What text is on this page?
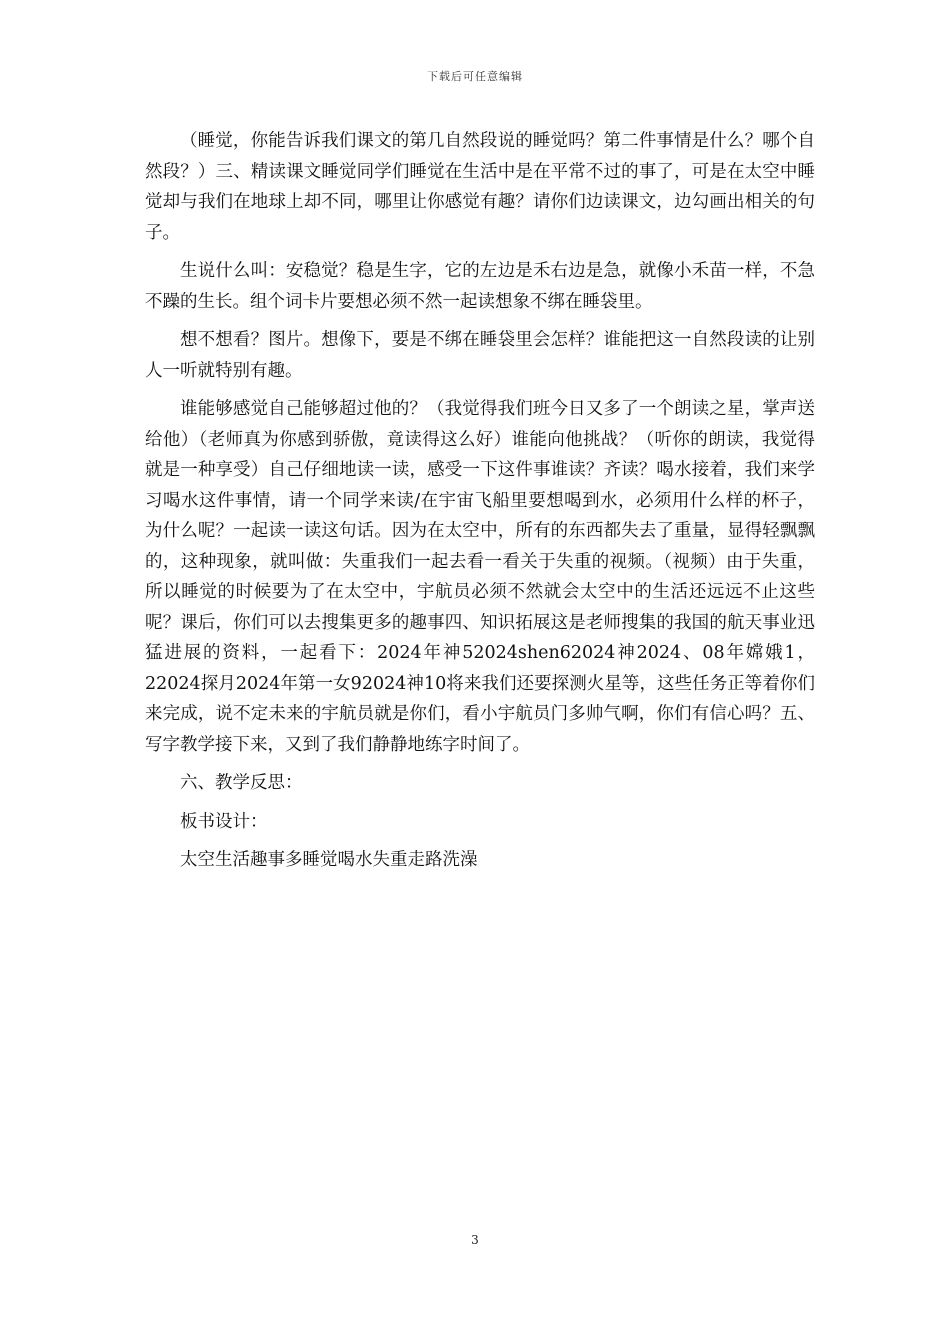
下载后可任意编辑

（睡觉，你能告诉我们课文的第几自然段说的睡觉吗？第二件事情是什么？哪个自然段？）三、精读课文睡觉同学们睡觉在生活中是在平常不过的事了，可是在太空中睡觉却与我们在地球上却不同，哪里让你感觉有趣？请你们边读课文，边勾画出相关的句子。

生说什么叫：安稳觉？稳是生字，它的左边是禾右边是急，就像小禾苗一样，不急不躁的生长。组个词卡片要想必须不然一起读想象不绑在睡袋里。

想不想看？图片。想像下，要是不绑在睡袋里会怎样？谁能把这一自然段读的让别人一听就特别有趣。

谁能够感觉自己能够超过他的？（我觉得我们班今日又多了一个朗读之星，掌声送给他）（老师真为你感到骄傲，竟读得这么好）谁能向他挑战？（听你的朗读，我觉得就是一种享受）自己仔细地读一读，感受一下这件事谁读？齐读？喝水接着，我们来学习喝水这件事情，请一个同学来读/在宇宙飞船里要想喝到水，必须用什么样的杯子，为什么呢？一起读一读这句话。因为在太空中，所有的东西都失去了重量，显得轻飘飘的，这种现象，就叫做：失重我们一起去看一看关于失重的视频。（视频）由于失重，所以睡觉的时候要为了在太空中，宇航员必须不然就会太空中的生活还远远不止这些呢？课后，你们可以去搜集更多的趣事四、知识拓展这是老师搜集的我国的航天事业迅猛进展的资料，一起看下：2024年神52024shen62024神2024、08年嫦娥1，22024探月2024年第一女92024神10将来我们还要探测火星等，这些任务正等着你们来完成，说不定未来的宇航员就是你们，看小宇航员门多帅气啊，你们有信心吗？五、写字教学接下来，又到了我们静静地练字时间了。

六、教学反思：

板书设计：

太空生活趣事多睡觉喝水失重走路洗澡

3
